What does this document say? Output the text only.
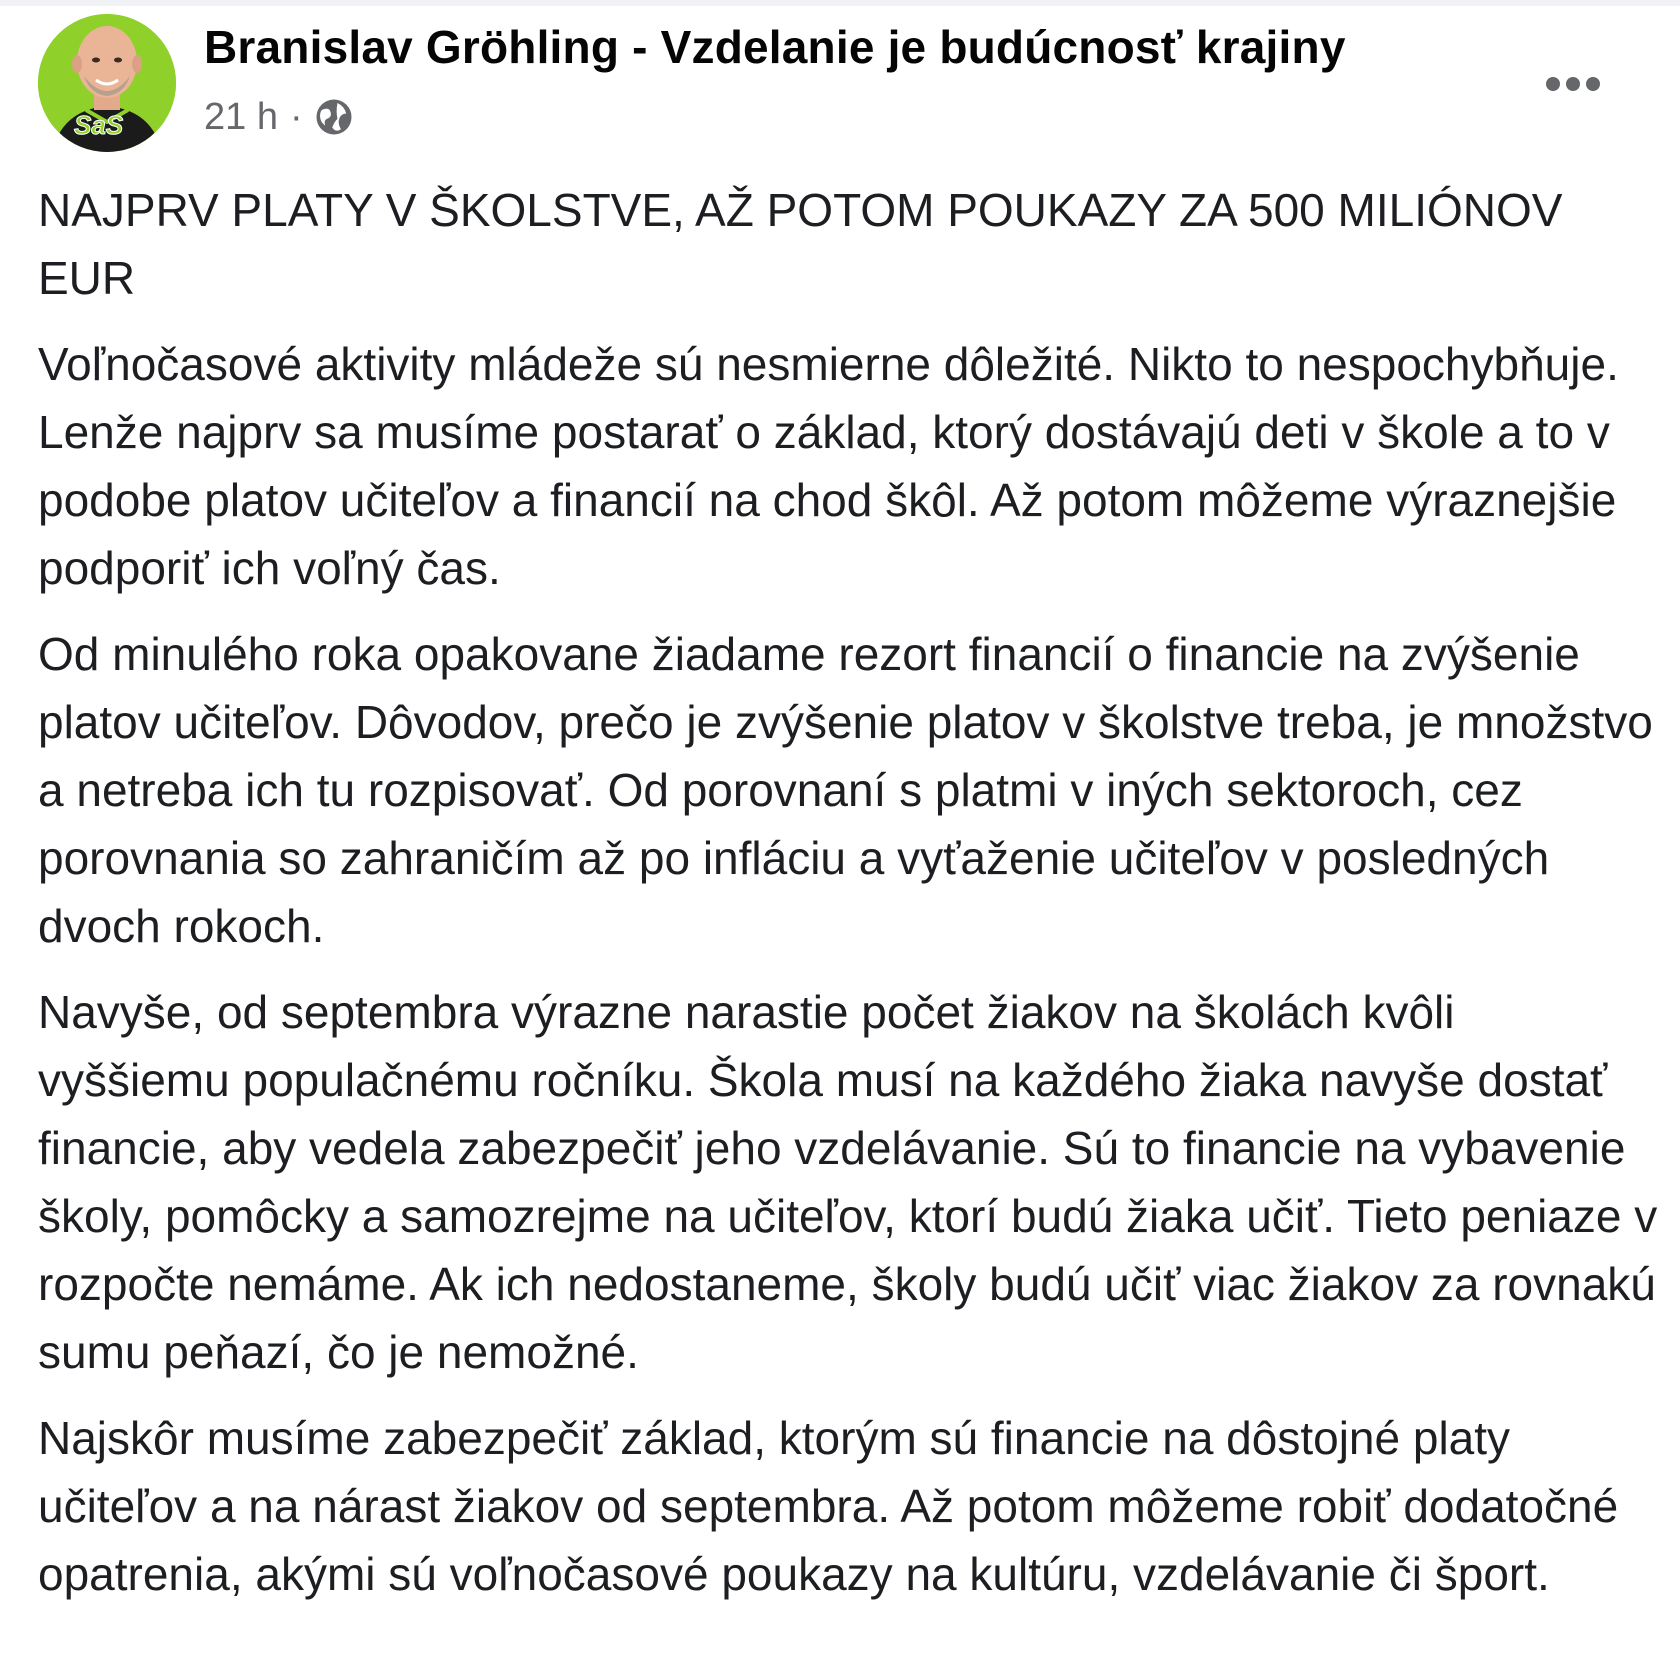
SaS
Branislav Gröhling - Vzdelanie je budúcnosť krajiny
21 h ·

NAJPRV PLATY V ŠKOLSTVE, AŽ POTOM POUKAZY ZA 500 MILIÓNOV EUR

Voľnočasové aktivity mládeže sú nesmierne dôležité. Nikto to nespochybňuje. Lenže najprv sa musíme postarať o základ, ktorý dostávajú deti v škole a to v podobe platov učiteľov a financií na chod škôl. Až potom môžeme výraznejšie podporiť ich voľný čas.

Od minulého roka opakovane žiadame rezort financií o financie na zvýšenie platov učiteľov. Dôvodov, prečo je zvýšenie platov v školstve treba, je množstvo a netreba ich tu rozpisovať. Od porovnaní s platmi v iných sektoroch, cez porovnania so zahraničím až po infláciu a vyťaženie učiteľov v posledných dvoch rokoch.

Navyše, od septembra výrazne narastie počet žiakov na školách kvôli vyššiemu populačnému ročníku. Škola musí na každého žiaka navyše dostať financie, aby vedela zabezpečiť jeho vzdelávanie. Sú to financie na vybavenie školy, pomôcky a samozrejme na učiteľov, ktorí budú žiaka učiť. Tieto peniaze v rozpočte nemáme. Ak ich nedostaneme, školy budú učiť viac žiakov za rovnakú sumu peňazí, čo je nemožné.

Najskôr musíme zabezpečiť základ, ktorým sú financie na dôstojné platy učiteľov a na nárast žiakov od septembra. Až potom môžeme robiť dodatočné opatrenia, akými sú voľnočasové poukazy na kultúru, vzdelávanie či šport.
